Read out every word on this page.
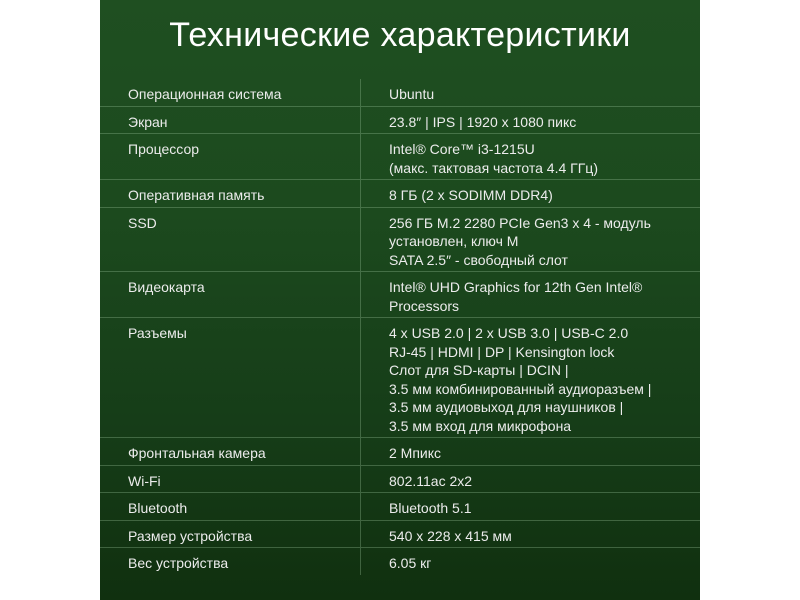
Технические характеристики
Операционная система	Ubuntu
Экран	23.8″ | IPS | 1920 x 1080 пикс
Процессор	Intel® Core™ i3-1215U
(макс. тактовая частота 4.4 ГГц)
Оперативная память	8 ГБ (2 x SODIMM DDR4)
SSD	256 ГБ M.2 2280 PCIe Gen3 x 4 - модуль
установлен, ключ M
SATA 2.5″ - свободный слот
Видеокарта	Intel® UHD Graphics for 12th Gen Intel®
Processors
Разъемы	4 x USB 2.0 | 2 x USB 3.0 | USB-C 2.0
RJ-45 | HDMI | DP | Kensington lock
Слот для SD-карты | DCIN |
3.5 мм комбинированный аудиоразъем |
3.5 мм аудиовыход для наушников |
3.5 мм вход для микрофона
Фронтальная камера	2 Мпикс
Wi-Fi	802.11ac 2x2
Bluetooth	Bluetooth 5.1
Размер устройства	540 x 228 x 415 мм
Вес устройства	6.05 кг
